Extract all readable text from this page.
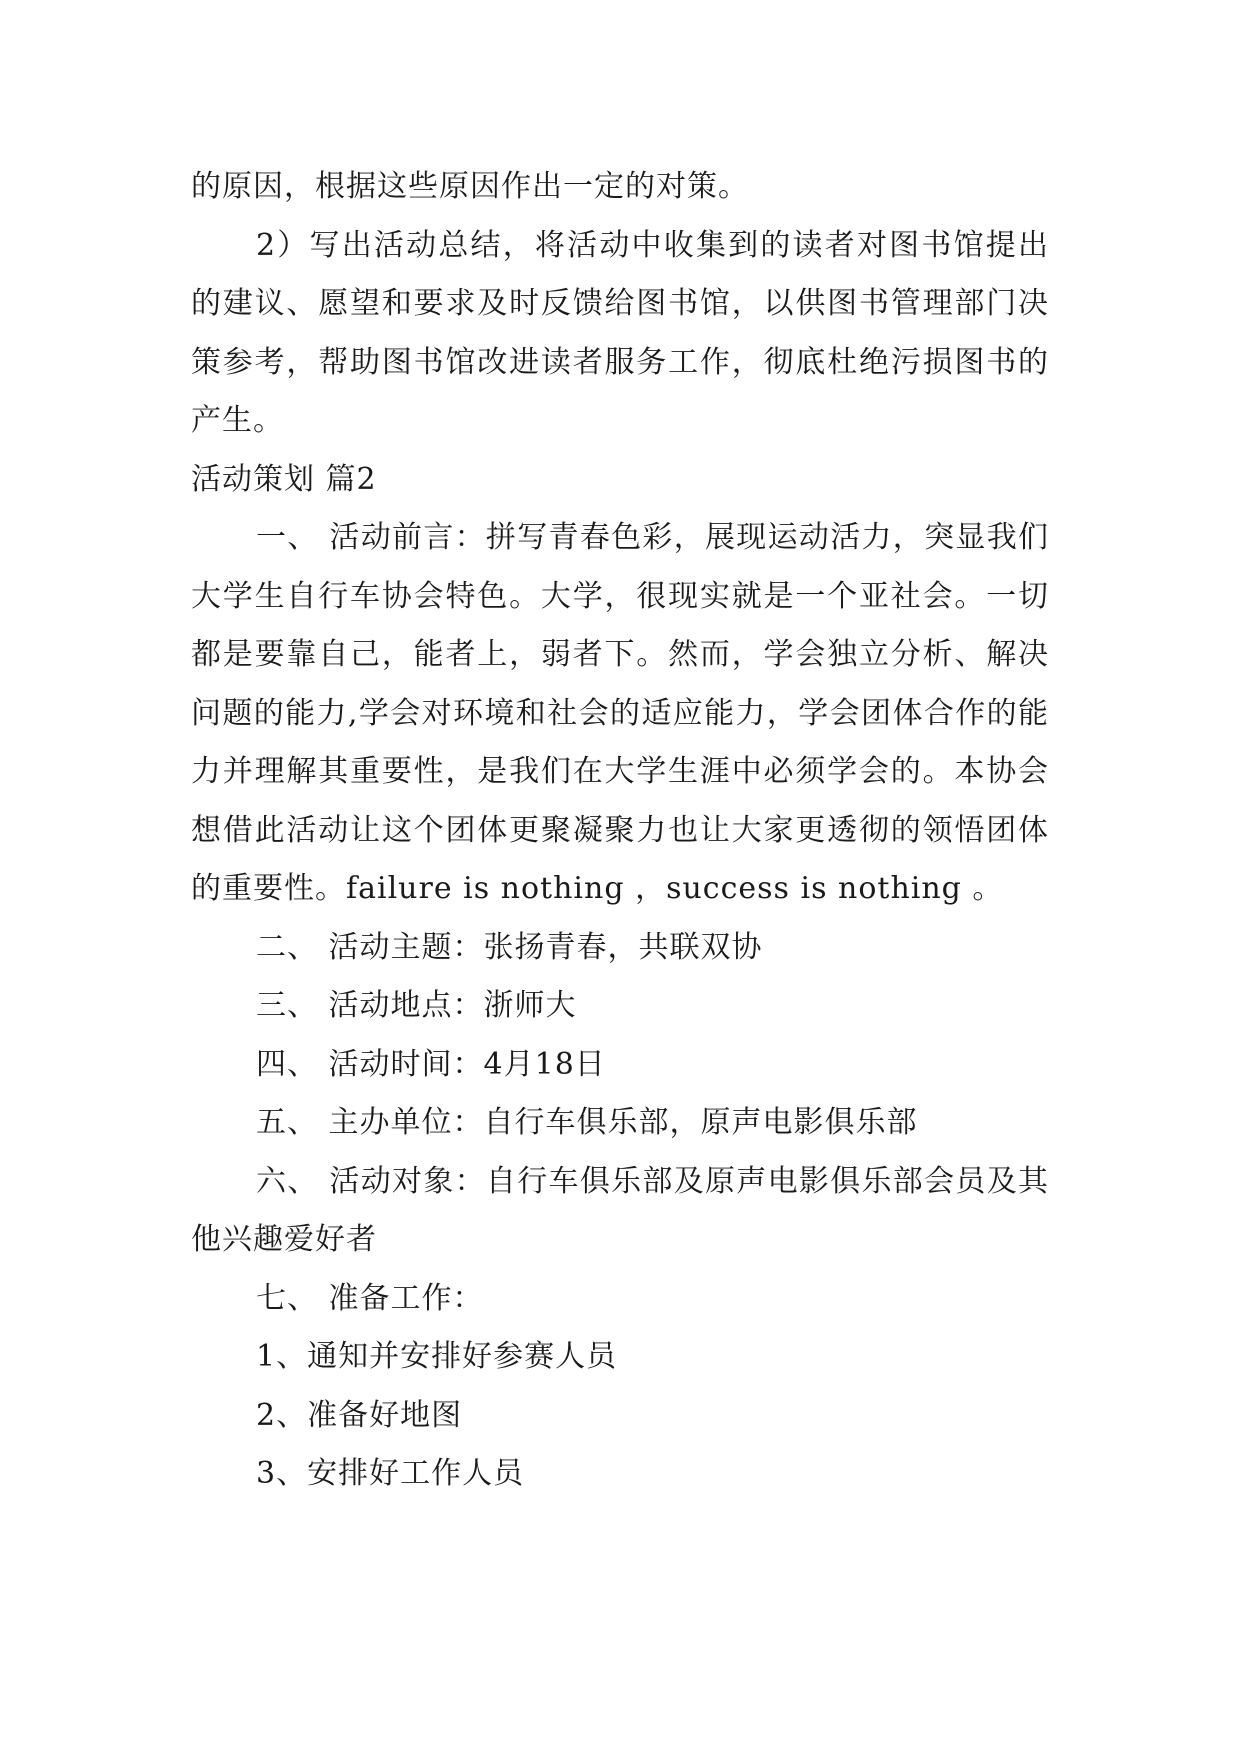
的原因，根据这些原因作出一定的对策。

2）写出活动总结，将活动中收集到的读者对图书馆提出的建议、愿望和要求及时反馈给图书馆，以供图书管理部门决策参考，帮助图书馆改进读者服务工作，彻底杜绝污损图书的产生。

活动策划 篇2

一、 活动前言：拼写青春色彩，展现运动活力，突显我们大学生自行车协会特色。大学，很现实就是一个亚社会。一切都是要靠自己，能者上，弱者下。然而，学会独立分析、解决问题的能力,学会对环境和社会的适应能力，学会团体合作的能力并理解其重要性，是我们在大学生涯中必须学会的。本协会想借此活动让这个团体更聚凝聚力也让大家更透彻的领悟团体的重要性。failure is nothing ，success is nothing 。

二、 活动主题：张扬青春，共联双协

三、 活动地点：浙师大

四、 活动时间：4月18日

五、 主办单位：自行车俱乐部，原声电影俱乐部

六、 活动对象：自行车俱乐部及原声电影俱乐部会员及其他兴趣爱好者

七、 准备工作：

1、通知并安排好参赛人员

2、准备好地图

3、安排好工作人员
